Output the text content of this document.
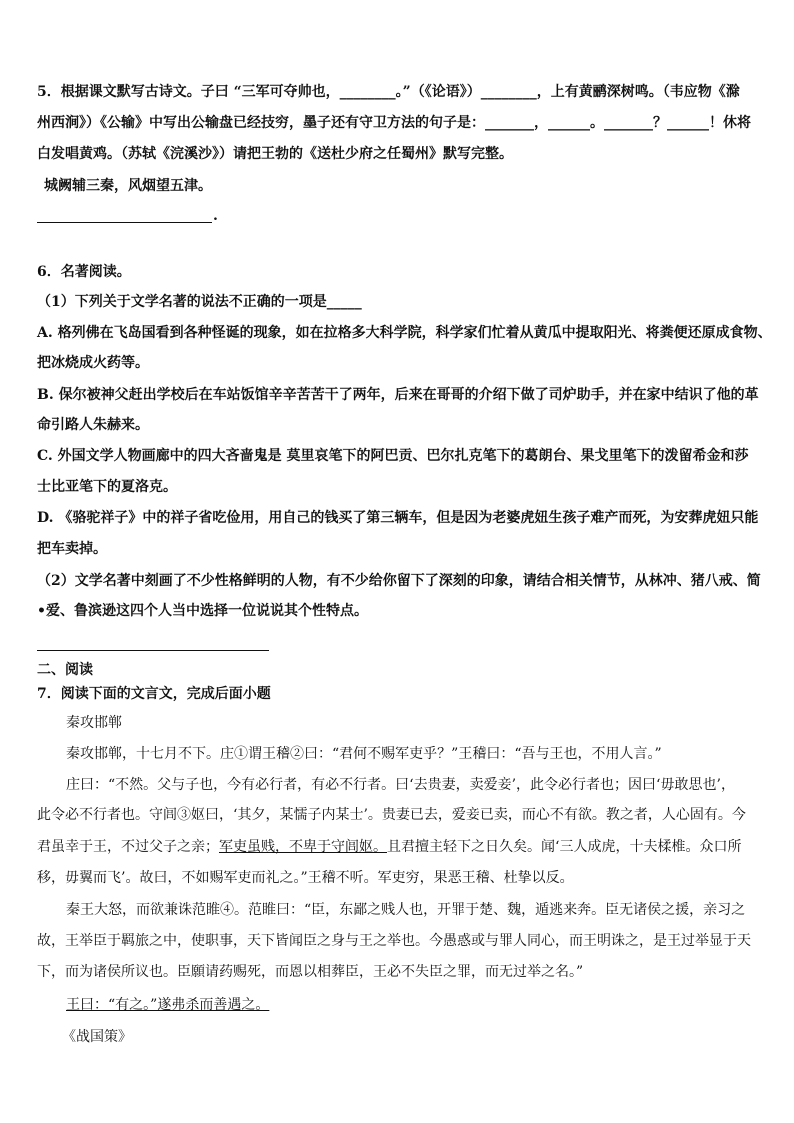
5．根据课文默写古诗文。子曰 “三军可夺帅也，________。”（《论语》）________，上有黄鹂深树鸣。（韦应物《滁
州西涧》）《公输》中写出公输盘已经技穷，墨子还有守卫方法的句子是：_______，______。_______？______！休将
白发唱黄鸡。（苏轼《浣溪沙》）请把王勃的《送杜少府之任蜀州》默写完整。
城阙辅三秦，风烟望五津。
.
6．名著阅读。
（1）下列关于文学名著的说法不正确的一项是_____
A. 格列佛在飞岛国看到各种怪诞的现象，如在拉格多大科学院，科学家们忙着从黄瓜中提取阳光、将粪便还原成食物、
把冰烧成火药等。
B. 保尔被神父赶出学校后在车站饭馆辛辛苦苦干了两年，后来在哥哥的介绍下做了司炉助手，并在家中结识了他的革
命引路人朱赫来。
C. 外国文学人物画廊中的四大吝啬鬼是 莫里哀笔下的阿巴贡、巴尔扎克笔下的葛朗台、果戈里笔下的泼留希金和莎
士比亚笔下的夏洛克。
D. 《骆驼祥子》中的祥子省吃俭用，用自己的钱买了第三辆车，但是因为老婆虎妞生孩子难产而死，为安葬虎妞只能
把车卖掉。
（2）文学名著中刻画了不少性格鲜明的人物，有不少给你留下了深刻的印象，请结合相关情节，从林冲、猪八戒、简
•爱、鲁滨逊这四个人当中选择一位说说其个性特点。
二、阅读
7．阅读下面的文言文，完成后面小题
秦攻邯郸
秦攻邯郸，十七月不下。庄①谓王稽②曰：“君何不赐军吏乎？”王稽曰：“吾与王也，不用人言。”
庄曰：“不然。父与子也，今有必行者，有必不行者。曰‘去贵妻，卖爱妾’，此令必行者也；因曰‘毋敢思也’，
此令必不行者也。守闾③妪曰，‘其夕，某懦子内某士’。贵妻已去，爱妾已卖，而心不有欲。教之者，人心固有。今
君虽幸于王，不过父子之亲；军吏虽贱，不卑于守闾妪。且君擅主轻下之日久矣。闻‘三人成虎，十夫楺椎。众口所
移，毋翼而飞’。故曰，不如赐军吏而礼之。”王稽不听。军吏穷，果恶王稽、杜挚以反。
秦王大怒，而欲兼诛范睢④。范睢曰：“臣，东鄙之贱人也，开罪于楚、魏，遁逃来奔。臣无诸侯之援，亲习之
故，王举臣于羁旅之中，使职事，天下皆闻臣之身与王之举也。今愚惑或与罪人同心，而王明诛之，是王过举显于天
下，而为诸侯所议也。臣願请药赐死，而恩以相葬臣，王必不失臣之罪，而无过举之名。”
王曰：“有之。”遂弗杀而善遇之。
《战国策》
